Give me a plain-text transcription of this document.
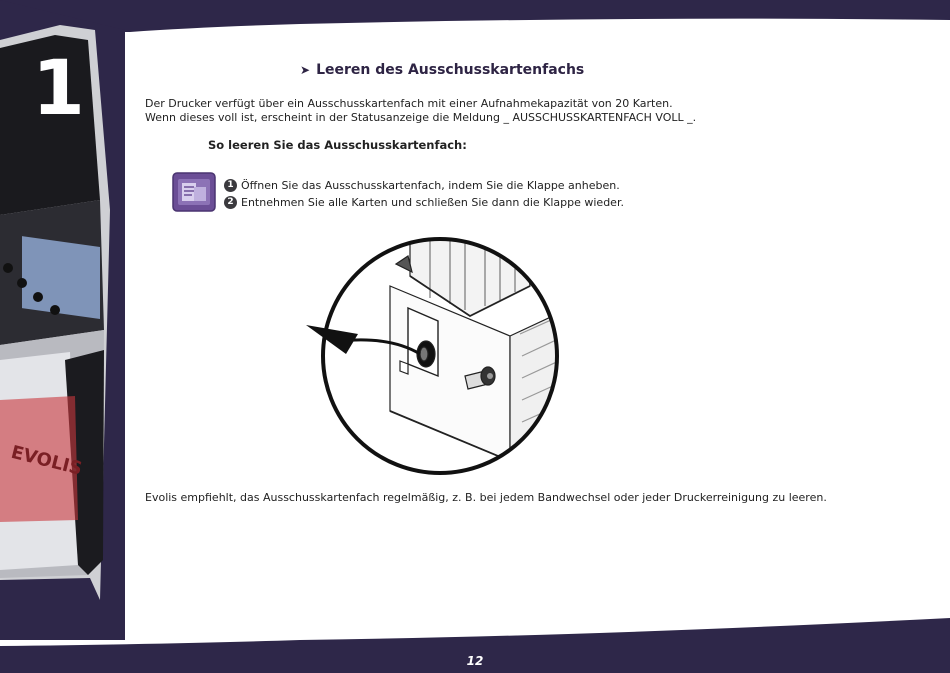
EVOLIS
1	➤ Leeren des Ausschusskartenfachs
Der Drucker verfügt über ein Ausschusskartenfach mit einer Aufnahmekapazität von 20 Karten.
Wenn dieses voll ist, erscheint in der Statusanzeige die Meldung _ AUSSCHUSSKARTENFACH VOLL _.
So leeren Sie das Ausschusskartenfach:
1 Öffnen Sie das Ausschusskartenfach, indem Sie die Klappe anheben.
2 Entnehmen Sie alle Karten und schließen Sie dann die Klappe wieder.
Evolis empfiehlt, das Ausschusskartenfach regelmäßig, z. B. bei jedem Bandwechsel oder jeder Druckerreinigung zu leeren.
12
